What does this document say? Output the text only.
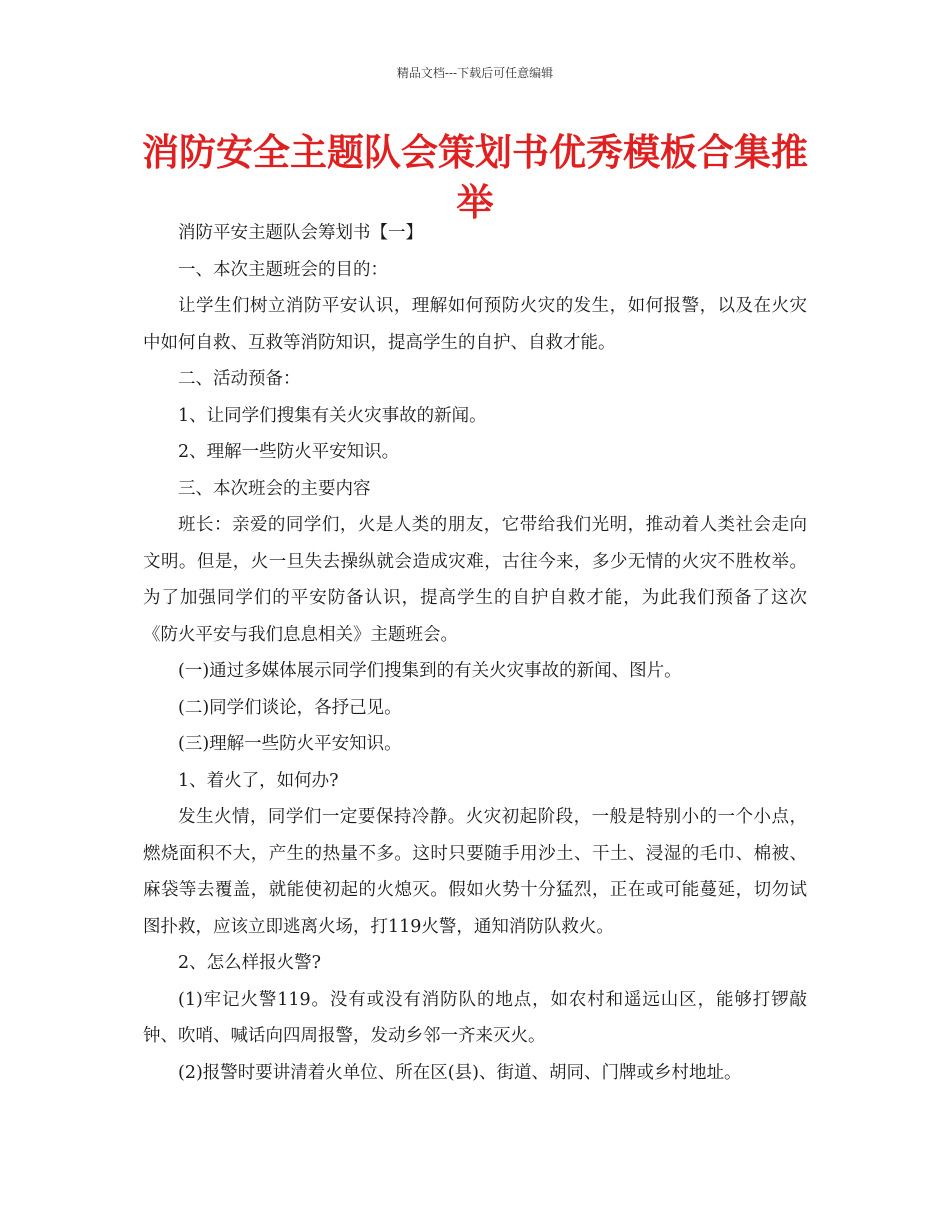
精品文档---下载后可任意编辑
消防安全主题队会策划书优秀模板合集推举

消防平安主题队会筹划书【一】

一、本次主题班会的目的：

让学生们树立消防平安认识，理解如何预防火灾的发生，如何报警，以及在火灾中如何自救、互救等消防知识，提高学生的自护、自救才能。

二、活动预备：

1、让同学们搜集有关火灾事故的新闻。

2、理解一些防火平安知识。

三、本次班会的主要内容

班长：亲爱的同学们，火是人类的朋友，它带给我们光明，推动着人类社会走向文明。但是，火一旦失去操纵就会造成灾难，古往今来，多少无情的火灾不胜枚举。为了加强同学们的平安防备认识，提高学生的自护自救才能，为此我们预备了这次《防火平安与我们息息相关》主题班会。

(一)通过多媒体展示同学们搜集到的有关火灾事故的新闻、图片。

(二)同学们谈论，各抒己见。

(三)理解一些防火平安知识。

1、着火了，如何办?

发生火情，同学们一定要保持冷静。火灾初起阶段，一般是特别小的一个小点，燃烧面积不大，产生的热量不多。这时只要随手用沙土、干土、浸湿的毛巾、棉被、麻袋等去覆盖，就能使初起的火熄灭。假如火势十分猛烈，正在或可能蔓延，切勿试图扑救，应该立即逃离火场，打119火警，通知消防队救火。

2、怎么样报火警?

(1)牢记火警119。没有或没有消防队的地点，如农村和遥远山区，能够打锣敲钟、吹哨、喊话向四周报警，发动乡邻一齐来灭火。

(2)报警时要讲清着火单位、所在区(县)、街道、胡同、门牌或乡村地址。
